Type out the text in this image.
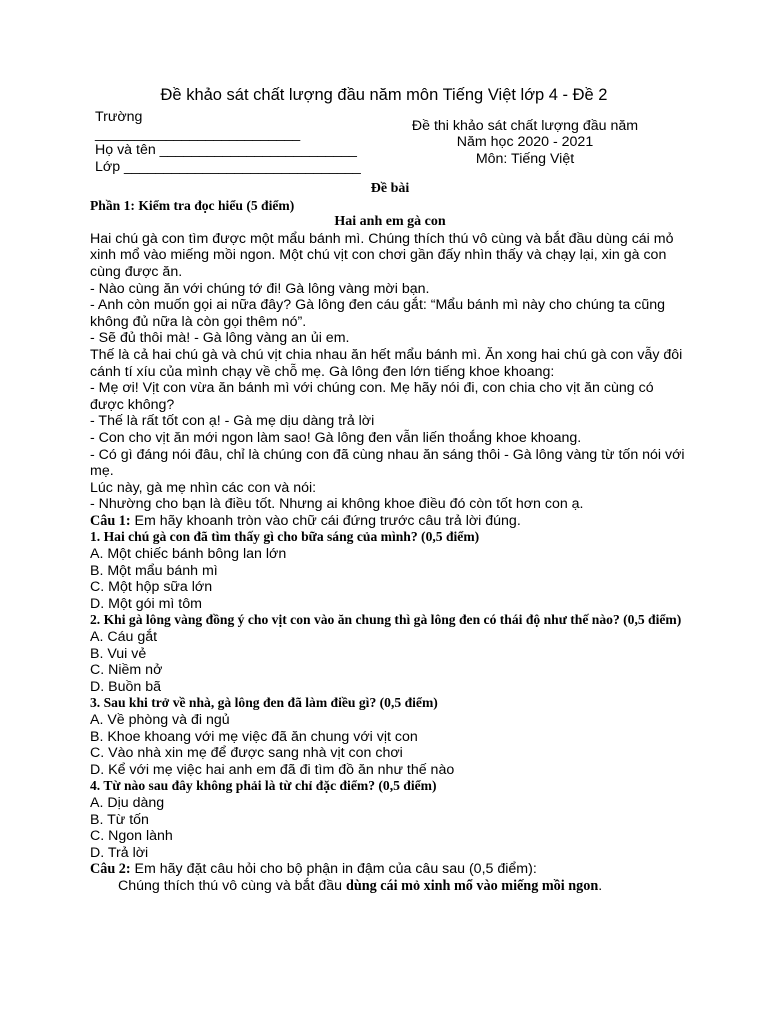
Đề khảo sát chất lượng đầu năm môn Tiếng Việt lớp 4 - Đề 2
Trường
__________________________
Họ và tên _________________________
Lớp ______________________________
Đề thi khảo sát chất lượng đầu năm
Năm học 2020 - 2021
Môn: Tiếng Việt
Đề bài
Phần 1: Kiểm tra đọc hiểu (5 điểm)
Hai anh em gà con
Hai chú gà con tìm được một mẩu bánh mì. Chúng thích thú vô cùng và bắt đầu dùng cái mỏ xinh mổ vào miếng mồi ngon. Một chú vịt con chơi gần đấy nhìn thấy và chạy lại, xin gà con cùng được ăn.
- Nào cùng ăn với chúng tớ đi! Gà lông vàng mời bạn.
- Anh còn muốn gọi ai nữa đây? Gà lông đen cáu gắt: “Mẩu bánh mì này cho chúng ta cũng không đủ nữa là còn gọi thêm nó”.
- Sẽ đủ thôi mà! - Gà lông vàng an ủi em.
Thế là cả hai chú gà và chú vịt chia nhau ăn hết mẩu bánh mì. Ăn xong hai chú gà con vẫy đôi cánh tí xíu của mình chạy về chỗ mẹ. Gà lông đen lớn tiếng khoe khoang:
- Mẹ ơi! Vịt con vừa ăn bánh mì với chúng con. Mẹ hãy nói đi, con chia cho vịt ăn cùng có được không?
- Thế là rất tốt con ạ! - Gà mẹ dịu dàng trả lời
- Con cho vịt ăn mới ngon làm sao! Gà lông đen vẫn liến thoắng khoe khoang.
- Có gì đáng nói đâu, chỉ là chúng con đã cùng nhau ăn sáng thôi - Gà lông vàng từ tốn nói với mẹ.
Lúc này, gà mẹ nhìn các con và nói:
- Nhường cho bạn là điều tốt. Nhưng ai không khoe điều đó còn tốt hơn con ạ.
Câu 1: Em hãy khoanh tròn vào chữ cái đứng trước câu trả lời đúng.
1. Hai chú gà con đã tìm thấy gì cho bữa sáng của mình? (0,5 điểm)
A. Một chiếc bánh bông lan lớn
B. Một mẩu bánh mì
C. Một hộp sữa lớn
D. Một gói mì tôm
2. Khi gà lông vàng đồng ý cho vịt con vào ăn chung thì gà lông đen có thái độ như thế nào? (0,5 điểm)
A. Cáu gắt
B. Vui vẻ
C. Niềm nở
D. Buồn bã
3. Sau khi trở về nhà, gà lông đen đã làm điều gì? (0,5 điểm)
A. Về phòng và đi ngủ
B. Khoe khoang với mẹ việc đã ăn chung với vịt con
C. Vào nhà xin mẹ để được sang nhà vịt con chơi
D. Kể với mẹ việc hai anh em đã đi tìm đồ ăn như thế nào
4. Từ nào sau đây không phải là từ chỉ đặc điểm? (0,5 điểm)
A. Dịu dàng
B. Từ tốn
C. Ngon lành
D. Trả lời
Câu 2: Em hãy đặt câu hỏi cho bộ phận in đậm của câu sau (0,5 điểm):
Chúng thích thú vô cùng và bắt đầu dùng cái mỏ xinh mổ vào miếng mồi ngon.
